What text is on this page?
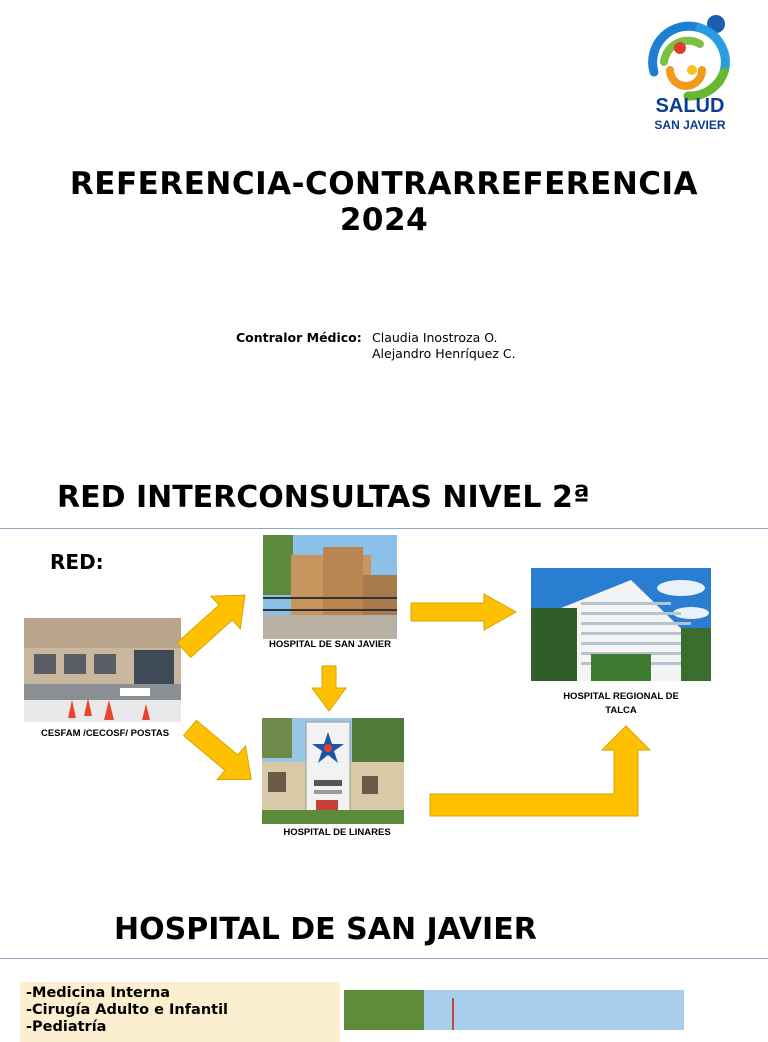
SALUD
SAN JAVIER
REFERENCIA-CONTRARREFERENCIA
2024
Contralor Médico: Claudia Inostroza O.
Alejandro Henríquez C.
RED INTERCONSULTAS NIVEL 2ª
RED:
CESFAM /CECOSF/ POSTAS
HOSPITAL DE SAN JAVIER
HOSPITAL DE LINARES
HOSPITAL REGIONAL DE
TALCA
HOSPITAL DE SAN JAVIER
-Medicina Interna
-Cirugía Adulto e Infantil
-Pediatría
